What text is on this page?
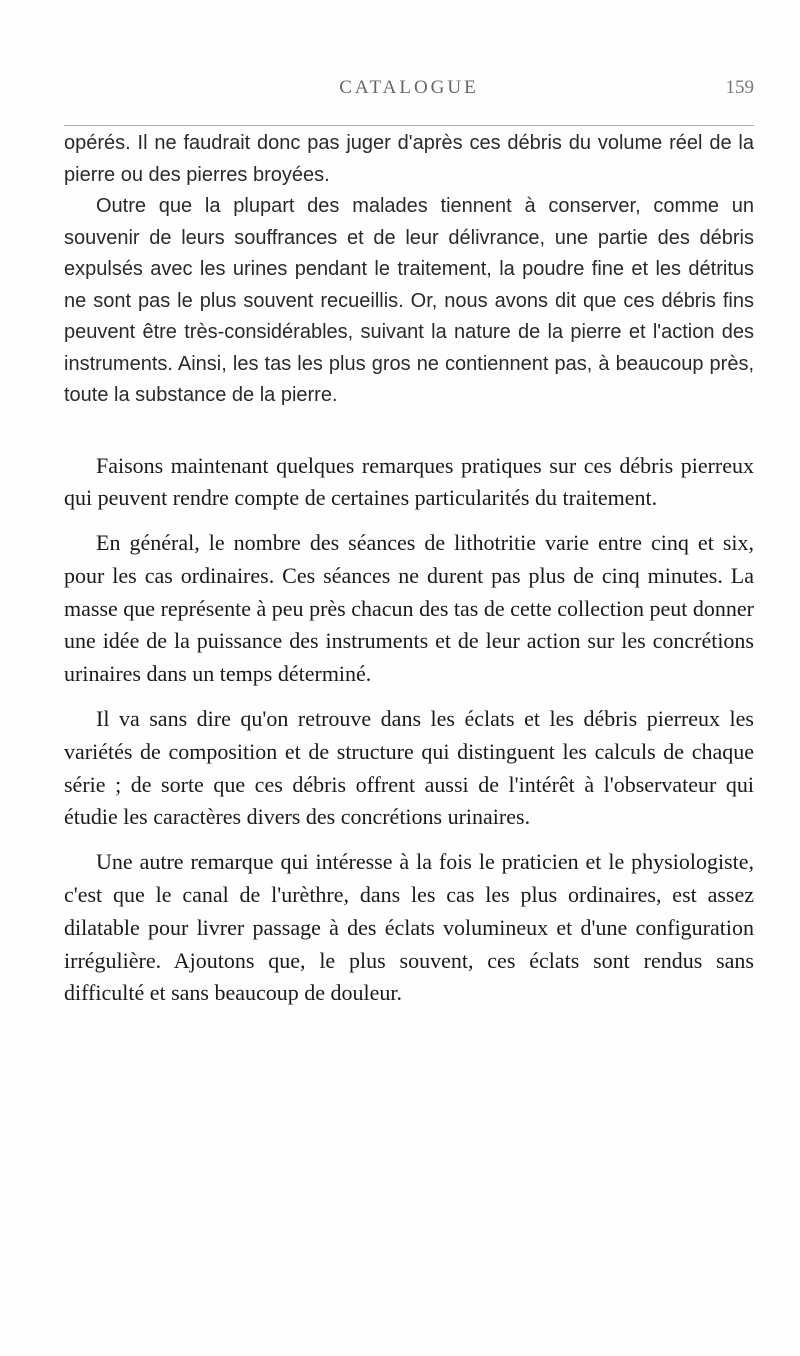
CATALOGUE	159

opérés. Il ne faudrait donc pas juger d'après ces débris du volume réel de la pierre ou des pierres broyées.

Outre que la plupart des malades tiennent à conserver, comme un souvenir de leurs souffrances et de leur délivrance, une partie des débris expulsés avec les urines pendant le traitement, la poudre fine et les détritus ne sont pas le plus souvent recueillis. Or, nous avons dit que ces débris fins peuvent être très-considérables, suivant la nature de la pierre et l'action des instruments. Ainsi, les tas les plus gros ne contiennent pas, à beaucoup près, toute la substance de la pierre.

Faisons maintenant quelques remarques pratiques sur ces débris pierreux qui peuvent rendre compte de certaines particularités du traitement.

En général, le nombre des séances de lithotritie varie entre cinq et six, pour les cas ordinaires. Ces séances ne durent pas plus de cinq minutes. La masse que représente à peu près chacun des tas de cette collection peut donner une idée de la puissance des instruments et de leur action sur les concrétions urinaires dans un temps déterminé.

Il va sans dire qu'on retrouve dans les éclats et les débris pierreux les variétés de composition et de structure qui distinguent les calculs de chaque série ; de sorte que ces débris offrent aussi de l'intérêt à l'observateur qui étudie les caractères divers des concrétions urinaires.

Une autre remarque qui intéresse à la fois le praticien et le physiologiste, c'est que le canal de l'urèthre, dans les cas les plus ordinaires, est assez dilatable pour livrer passage à des éclats volumineux et d'une configuration irrégulière. Ajoutons que, le plus souvent, ces éclats sont rendus sans difficulté et sans beaucoup de douleur.
